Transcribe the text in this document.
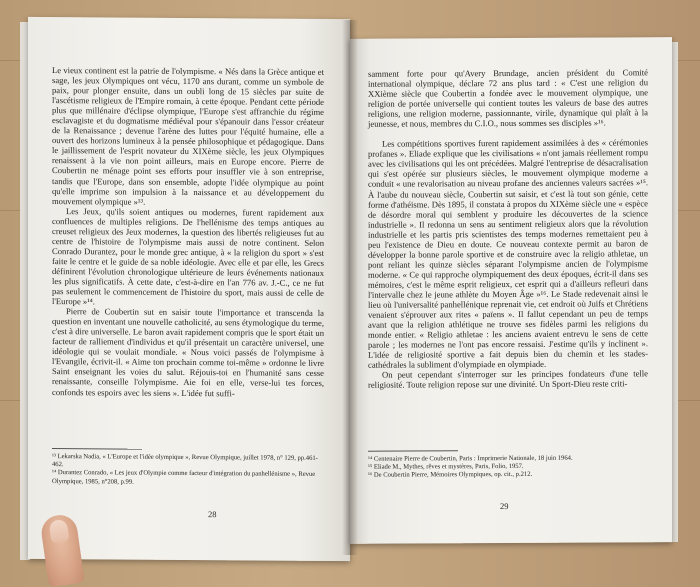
Le vieux continent est la patrie de l'olympisme. « Nés dans la Grèce antique et sage, les jeux Olympiques ont vécu, 1170 ans durant, comme un symbole de paix, pour plonger ensuite, dans un oubli long de 15 siècles par suite de l'ascétisme religieux de l'Empire romain, à cette époque. Pendant cette période plus que millénaire d'éclipse olympique, l'Europe s'est affranchie du régime esclavagiste et du dogmatisme médiéval pour s'épanouir dans l'essor créateur de la Renaissance ; devenue l'arène des luttes pour l'équité humaine, elle a ouvert des horizons lumineux à la pensée philosophique et pédagogique. Dans le jaillissement de l'esprit novateur du XIXème siècle, les jeux Olympiques renaissent à la vie non point ailleurs, mais en Europe encore. Pierre de Coubertin ne ménage point ses efforts pour insuffler vie à son entreprise, tandis que l'Europe, dans son ensemble, adopte l'idée olympique au point qu'elle imprime son impulsion à la naissance et au développement du mouvement olympique »¹³.

Les Jeux, qu'ils soient antiques ou modernes, furent rapidement aux confluences de multiples religions. De l'hellénisme des temps antiques au creuset religieux des Jeux modernes, la question des libertés religieuses fut au centre de l'histoire de l'olympisme mais aussi de notre continent. Selon Conrado Durantez, pour le monde grec antique, à « la religion du sport » s'est faite le centre et le guide de sa noble idéologie. Avec elle et par elle, les Grecs définirent l'évolution chronologique ultérieure de leurs événements nationaux les plus significatifs. À cette date, c'est-à-dire en l'an 776 av. J.-C., ce ne fut pas seulement le commencement de l'histoire du sport, mais aussi de celle de l'Europe »¹⁴.

Pierre de Coubertin sut en saisir toute l'importance et transcenda la question en inventant une nouvelle catholicité, au sens étymologique du terme, c'est à dire universelle. Le baron avait rapidement compris que le sport était un facteur de ralliement d'individus et qu'il présentait un caractère universel, une idéologie qui se voulait mondiale. « Nous voici passés de l'olympisme à l'Evangile, écrivit-il. « Aime ton prochain comme toi-même » ordonne le livre Saint enseignant les voies du salut. Réjouis-toi en l'humanité sans cesse renaissante, conseille l'olympisme. Aie foi en elle, verse-lui tes forces, confonds tes espoirs avec les siens ». L'idée fut suffi-

¹³ Lekarska Nadia, « L'Europe et l'idée olympique », Revue Olympique, juillet 1978, n° 129, pp.461-462.

¹⁴ Durantez Conrado, « Les jeux d'Olympie comme facteur d'intégration du panhellénisme », Revue Olympique, 1985, n°208, p.99.

28

samment forte pour qu'Avery Brundage, ancien président du Comité international olympique, déclare 72 ans plus tard : « C'est une religion du XXième siècle que Coubertin a fondée avec le mouvement olympique, une religion de portée universelle qui contient toutes les valeurs de base des autres religions, une religion moderne, passionnante, virile, dynamique qui plaît à la jeunesse, et nous, membres du C.I.O., nous sommes ses disciples »¹⁶.

Les compétitions sportives furent rapidement assimilées à des « cérémonies profanes ». Eliade explique que les civilisations « n'ont jamais réellement rompu avec les civilisations qui les ont précédées. Malgré l'entreprise de désacralisation qui s'est opérée sur plusieurs siècles, le mouvement olympique moderne a conduit « une revalorisation au niveau profane des anciennes valeurs sacrées »¹⁵. À l'aube du nouveau siècle, Coubertin sut saisir, et c'est là tout son génie, cette forme d'athéisme. Dès 1895, il constata à propos du XIXème siècle une « espèce de désordre moral qui semblent y produire les découvertes de la science industrielle ». Il redonna un sens au sentiment religieux alors que la révolution industrielle et les partis pris scientistes des temps modernes remettaient peu à peu l'existence de Dieu en doute. Ce nouveau contexte permit au baron de développer la bonne parole sportive et de construire avec la religio athletae, un pont reliant les quinze siècles séparant l'olympisme ancien de l'olympisme moderne. « Ce qui rapproche olympiquement des deux époques, écrit-il dans ses mémoires, c'est le même esprit religieux, cet esprit qui a d'ailleurs refleuri dans l'intervalle chez le jeune athlète du Moyen Âge »¹⁶. Le Stade redevenait ainsi le lieu où l'universalité panhellénique reprenait vie, cet endroit où Juifs et Chrétiens venaient s'éprouver aux rites « païens ». Il fallut cependant un peu de temps avant que la religion athlétique ne trouve ses fidèles parmi les religions du monde entier. « Religio athletae : les anciens avaient entrevu le sens de cette parole ; les modernes ne l'ont pas encore ressaisi. J'estime qu'ils y inclinent ». L'idée de religiosité sportive a fait depuis bien du chemin et les stades-cathédrales la subliment d'olympiade en olympiade.

On peut cependant s'interroger sur les principes fondateurs d'une telle religiosité. Toute religion repose sur une divinité. Un Sport-Dieu reste criti-

¹⁴ Centenaire Pierre de Coubertin, Paris : Imprimerie Nationale, 18 juin 1964.

¹⁵ Eliade M., Mythes, rêves et mystères, Paris, Folio, 1957.

¹⁶ De Coubertin Pierre, Mémoires Olympiques, op. cit., p.212.

29
